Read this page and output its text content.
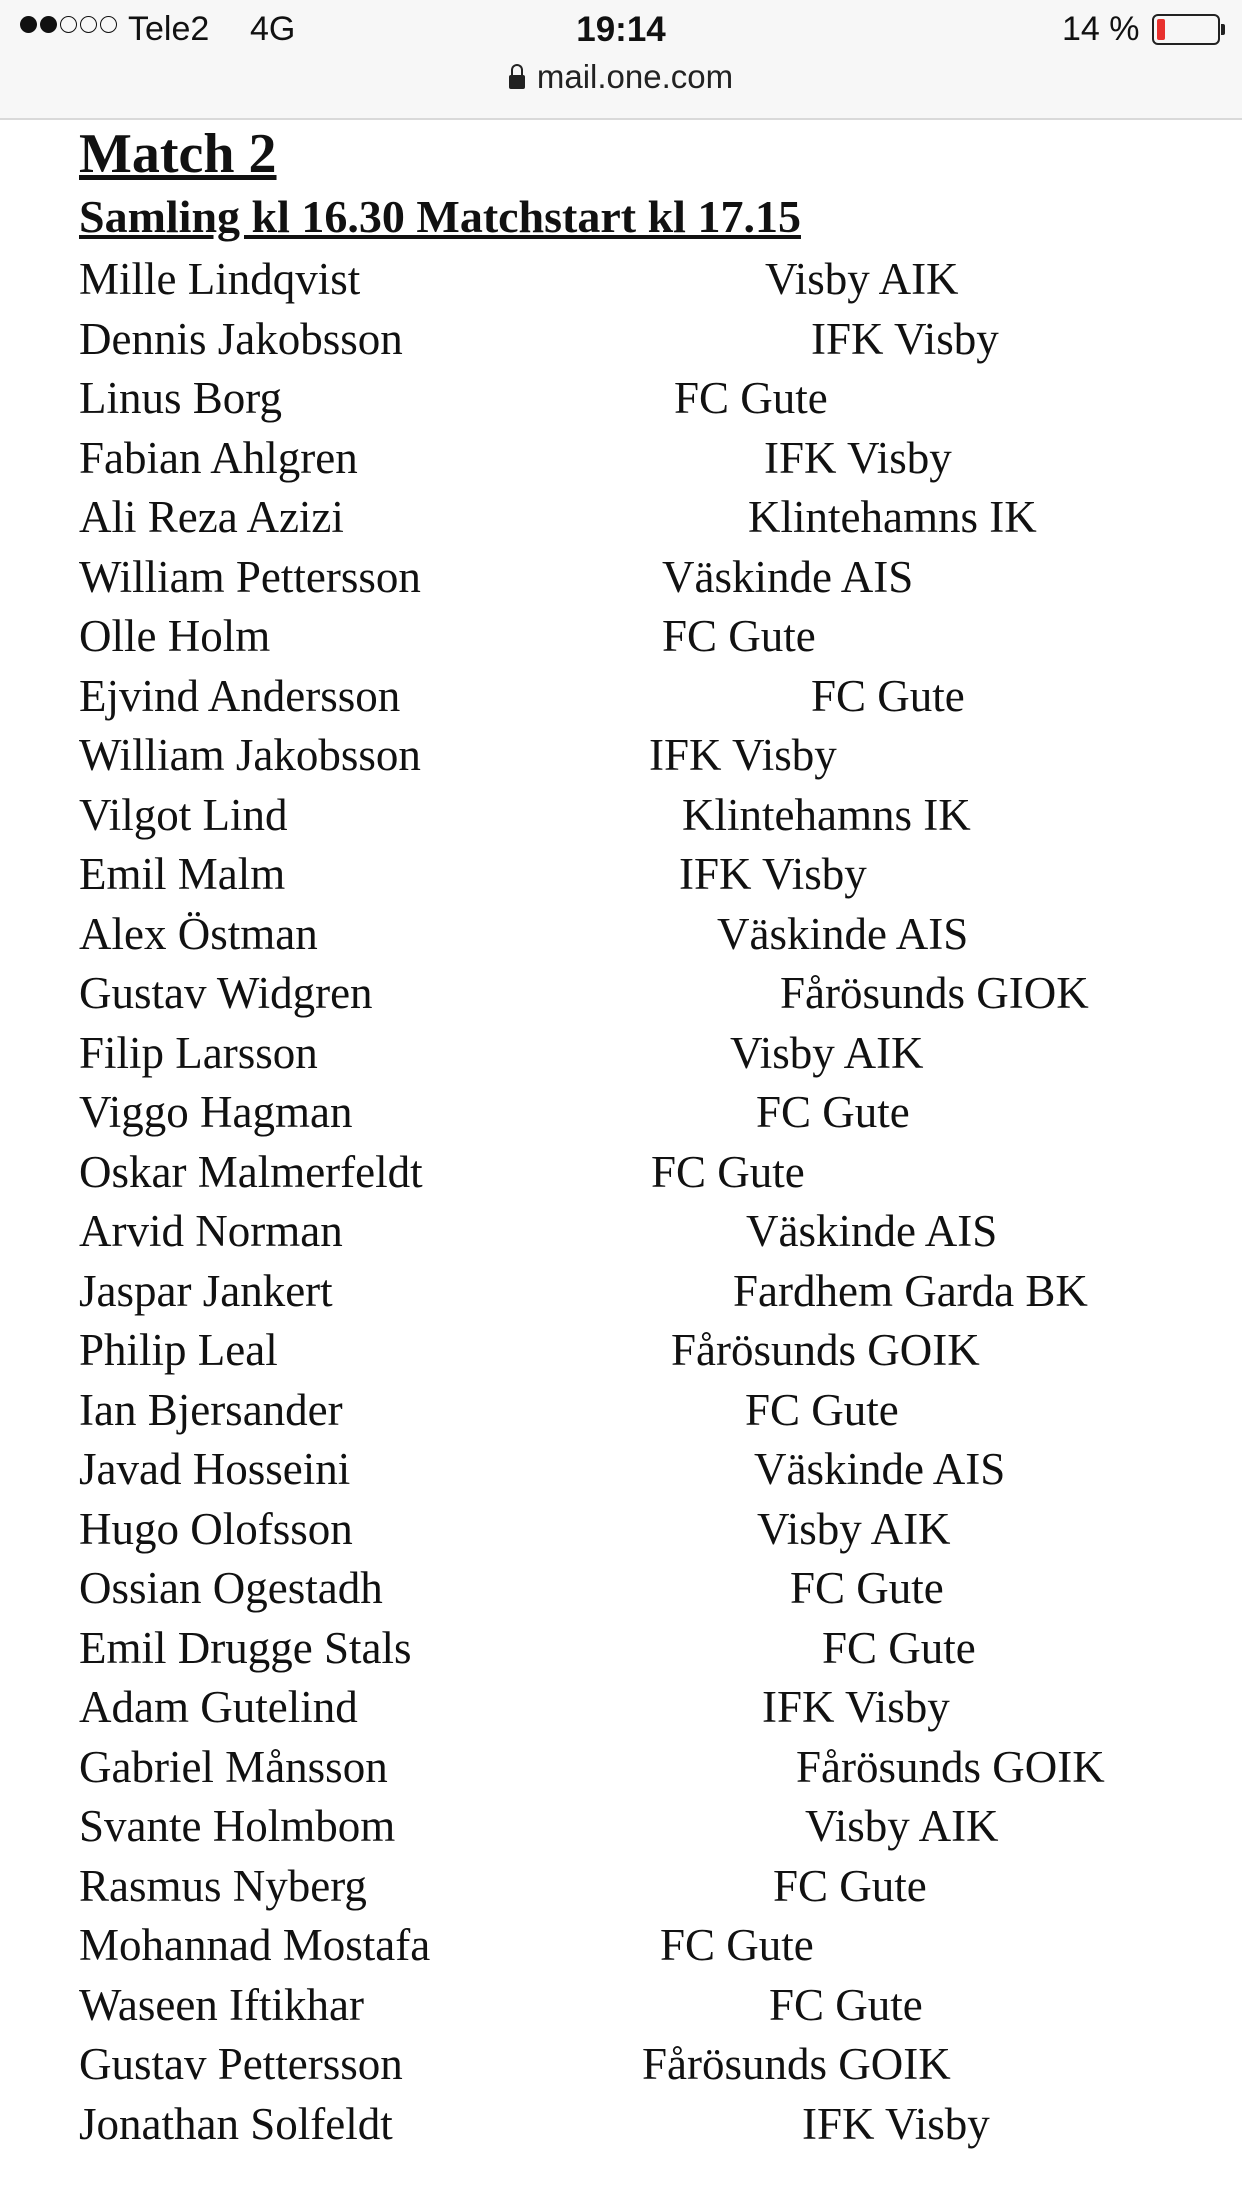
Tele2 4G	19:14	14 %
mail.one.com
Match 2
Samling kl 16.30 Matchstart kl 17.15
Mille Lindqvist	Visby AIK
Dennis Jakobsson	IFK Visby
Linus Borg	FC Gute
Fabian Ahlgren	IFK Visby
Ali Reza Azizi	Klintehamns IK
William Pettersson	Väskinde AIS
Olle Holm	FC Gute
Ejvind Andersson	FC Gute
William Jakobsson	IFK Visby
Vilgot Lind	Klintehamns IK
Emil Malm	IFK Visby
Alex Östman	Väskinde AIS
Gustav Widgren	Fårösunds GIOK
Filip Larsson	Visby AIK
Viggo Hagman	FC Gute
Oskar Malmerfeldt	FC Gute
Arvid Norman	Väskinde AIS
Jaspar Jankert	Fardhem Garda BK
Philip Leal	Fårösunds GOIK
Ian Bjersander	FC Gute
Javad Hosseini	Väskinde AIS
Hugo Olofsson	Visby AIK
Ossian Ogestadh	FC Gute
Emil Drugge Stals	FC Gute
Adam Gutelind	IFK Visby
Gabriel Månsson	Fårösunds GOIK
Svante Holmbom	Visby AIK
Rasmus Nyberg	FC Gute
Mohannad Mostafa	FC Gute
Waseen Iftikhar	FC Gute
Gustav Pettersson	Fårösunds GOIK
Jonathan Solfeldt	IFK Visby
